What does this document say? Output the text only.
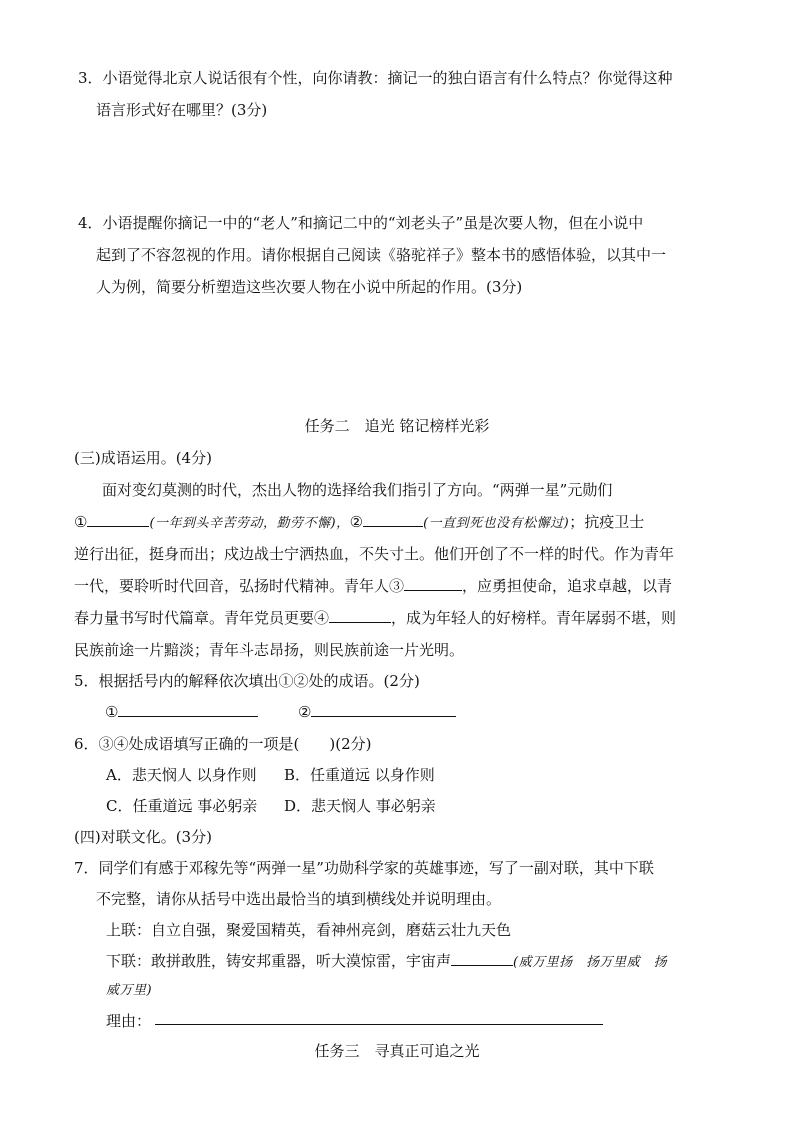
3．小语觉得北京人说话很有个性，向你请教：摘记一的独白语言有什么特点？你觉得这种
语言形式好在哪里？(3分)
4．小语提醒你摘记一中的“老人”和摘记二中的“刘老头子”虽是次要人物，但在小说中
起到了不容忽视的作用。请你根据自己阅读《骆驼祥子》整本书的感悟体验，以其中一
人为例，简要分析塑造这些次要人物在小说中所起的作用。(3分)
任务二　追光 铭记榜样光彩
(三)成语运用。(4分)
面对变幻莫测的时代，杰出人物的选择给我们指引了方向。“两弹一星”元勋们
①	(一年到头辛苦劳动，勤劳不懈)，②	(一直到死也没有松懈过)；抗疫卫士
逆行出征，挺身而出；戍边战士宁洒热血，不失寸土。他们开创了不一样的时代。作为青年
一代，要聆听时代回音，弘扬时代精神。青年人③	，应勇担使命，追求卓越，以青
春力量书写时代篇章。青年党员更要④	，成为年轻人的好榜样。青年孱弱不堪，则
民族前途一片黯淡；青年斗志昂扬，则民族前途一片光明。
5．根据括号内的解释依次填出①②处的成语。(2分)
①	②
6．③④处成语填写正确的一项是(　　)(2分)
A．悲天悯人 以身作则 B．任重道远 以身作则
C．任重道远 事必躬亲 D．悲天悯人 事必躬亲
(四)对联文化。(3分)
7．同学们有感于邓稼先等“两弹一星”功勋科学家的英雄事迹，写了一副对联，其中下联
不完整，请你从括号中选出最恰当的填到横线处并说明理由。
上联：自立自强，聚爱国精英，看神州亮剑，磨菇云壮九天色
下联：敢拼敢胜，铸安邦重器，听大漠惊雷，宇宙声	(威万里扬　扬万里威　扬
威万里)
理由：
任务三　寻真正可追之光
